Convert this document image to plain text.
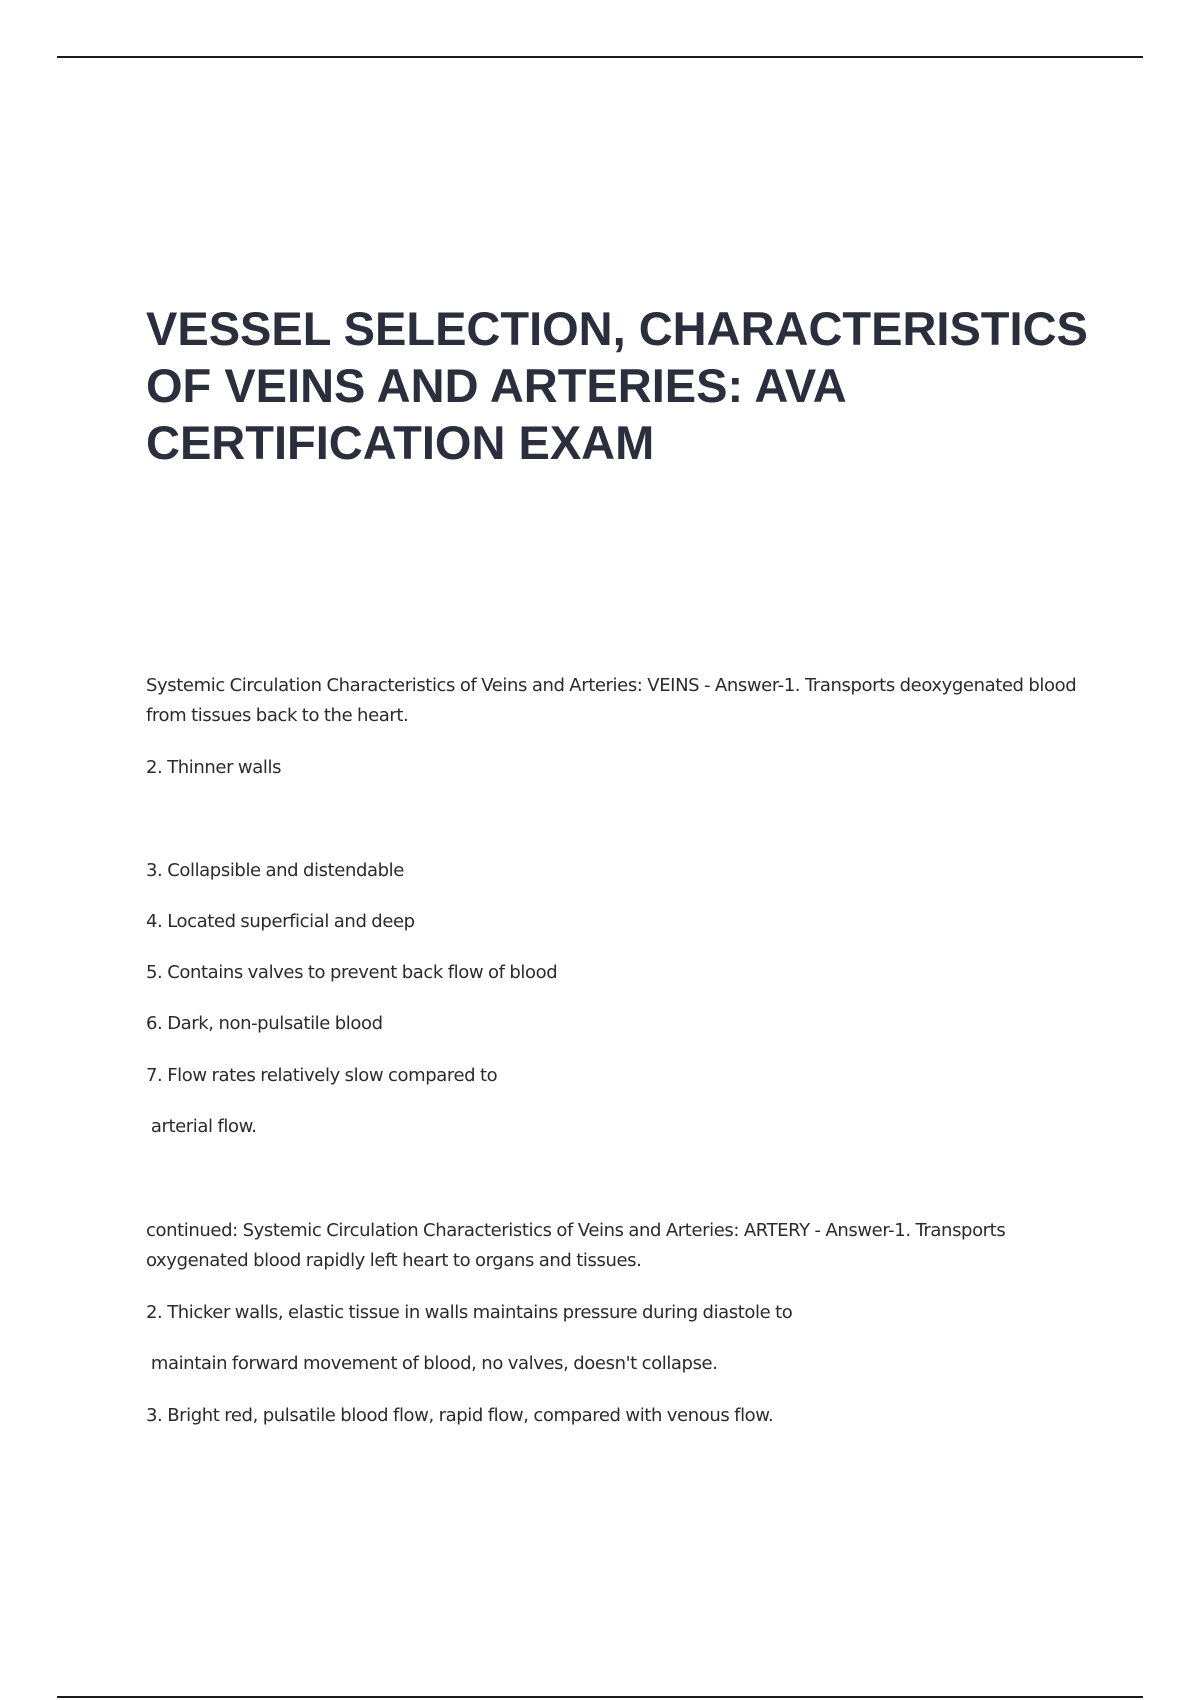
VESSEL SELECTION, CHARACTERISTICS OF VEINS AND ARTERIES: AVA CERTIFICATION EXAM

Systemic Circulation Characteristics of Veins and Arteries: VEINS - Answer-1. Transports deoxygenated blood from tissues back to the heart.

2. Thinner walls

3. Collapsible and distendable

4. Located superficial and deep

5. Contains valves to prevent back flow of blood

6. Dark, non-pulsatile blood

7. Flow rates relatively slow compared to

arterial flow.

continued: Systemic Circulation Characteristics of Veins and Arteries: ARTERY - Answer-1. Transports oxygenated blood rapidly left heart to organs and tissues.

2. Thicker walls, elastic tissue in walls maintains pressure during diastole to

maintain forward movement of blood, no valves, doesn't collapse.

3. Bright red, pulsatile blood flow, rapid flow, compared with venous flow.
